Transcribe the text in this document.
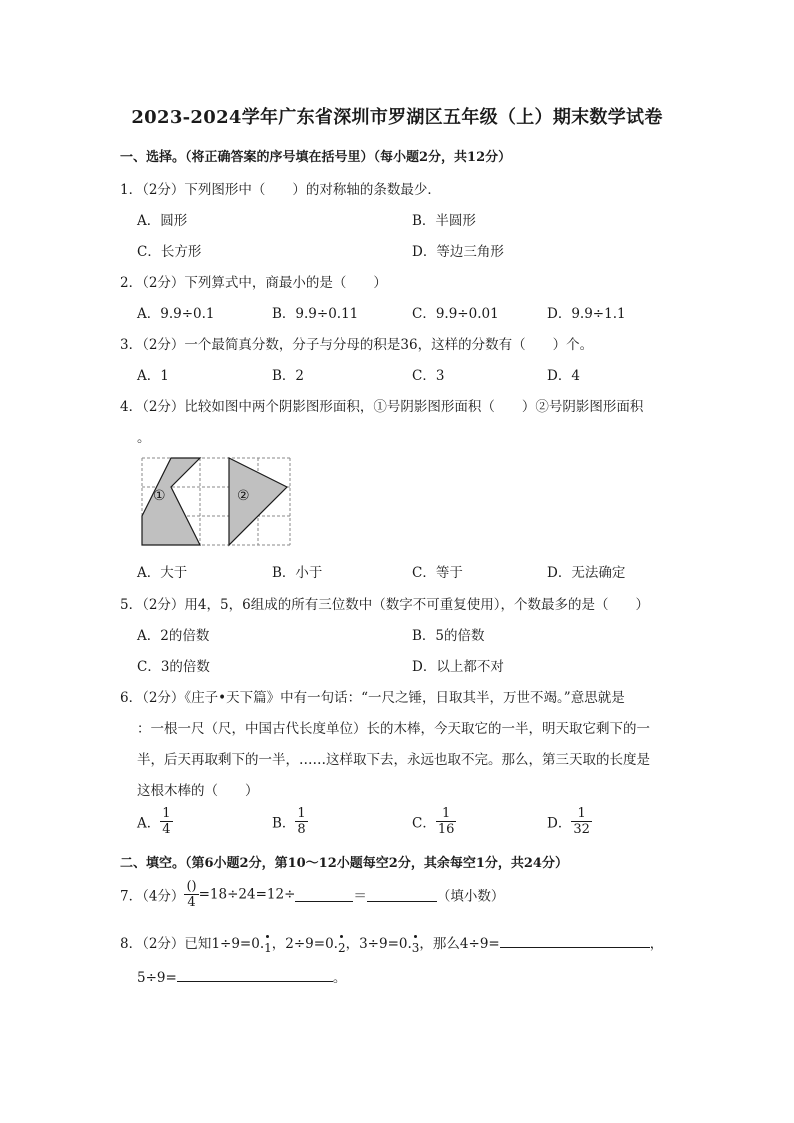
2023-2024学年广东省深圳市罗湖区五年级（上）期末数学试卷
一、选择。（将正确答案的序号填在括号里）（每小题2分，共12分）
1．（2分）下列图形中（　　）的对称轴的条数最少．
A．圆形	B．半圆形
C．长方形	D．等边三角形
2．（2分）下列算式中，商最小的是（　　）
A．9.9÷0.1	B．9.9÷0.11	C．9.9÷0.01	D．9.9÷1.1
3．（2分）一个最简真分数，分子与分母的积是36，这样的分数有（　　）个。
A．1	B．2	C．3	D．4
4．（2分）比较如图中两个阴影图形面积，①号阴影图形面积（　　）②号阴影图形面积
。
①	②
A．大于	B．小于	C．等于	D．无法确定
5．（2分）用4，5，6组成的所有三位数中（数字不可重复使用），个数最多的是（　　）
A．2的倍数	B．5的倍数
C．3的倍数	D．以上都不对
6．（2分）《庄子•天下篇》中有一句话：“一尺之锤，日取其半，万世不竭。”意思就是
：一根一尺（尺，中国古代长度单位）长的木棒，今天取它的一半，明天取它剩下的一
半，后天再取剩下的一半，……这样取下去，永远也取不完。那么，第三天取的长度是
这根木棒的（　　）
A． $\frac{1}{4}$	B． $\frac{1}{8}$	C． $\frac{1}{16}$	D． $\frac{1}{32}$
二、填空。（第6小题2分，第10～12小题每空2分，其余每空1分，共24分）
7．（4分） $\frac{()}{4} =18\div 24=12\div$	＝	（填小数）
8．（2分）已知1÷9=0.1，2÷9=0.2，3÷9=0.3，那么4÷9=	，
5÷9=	。
